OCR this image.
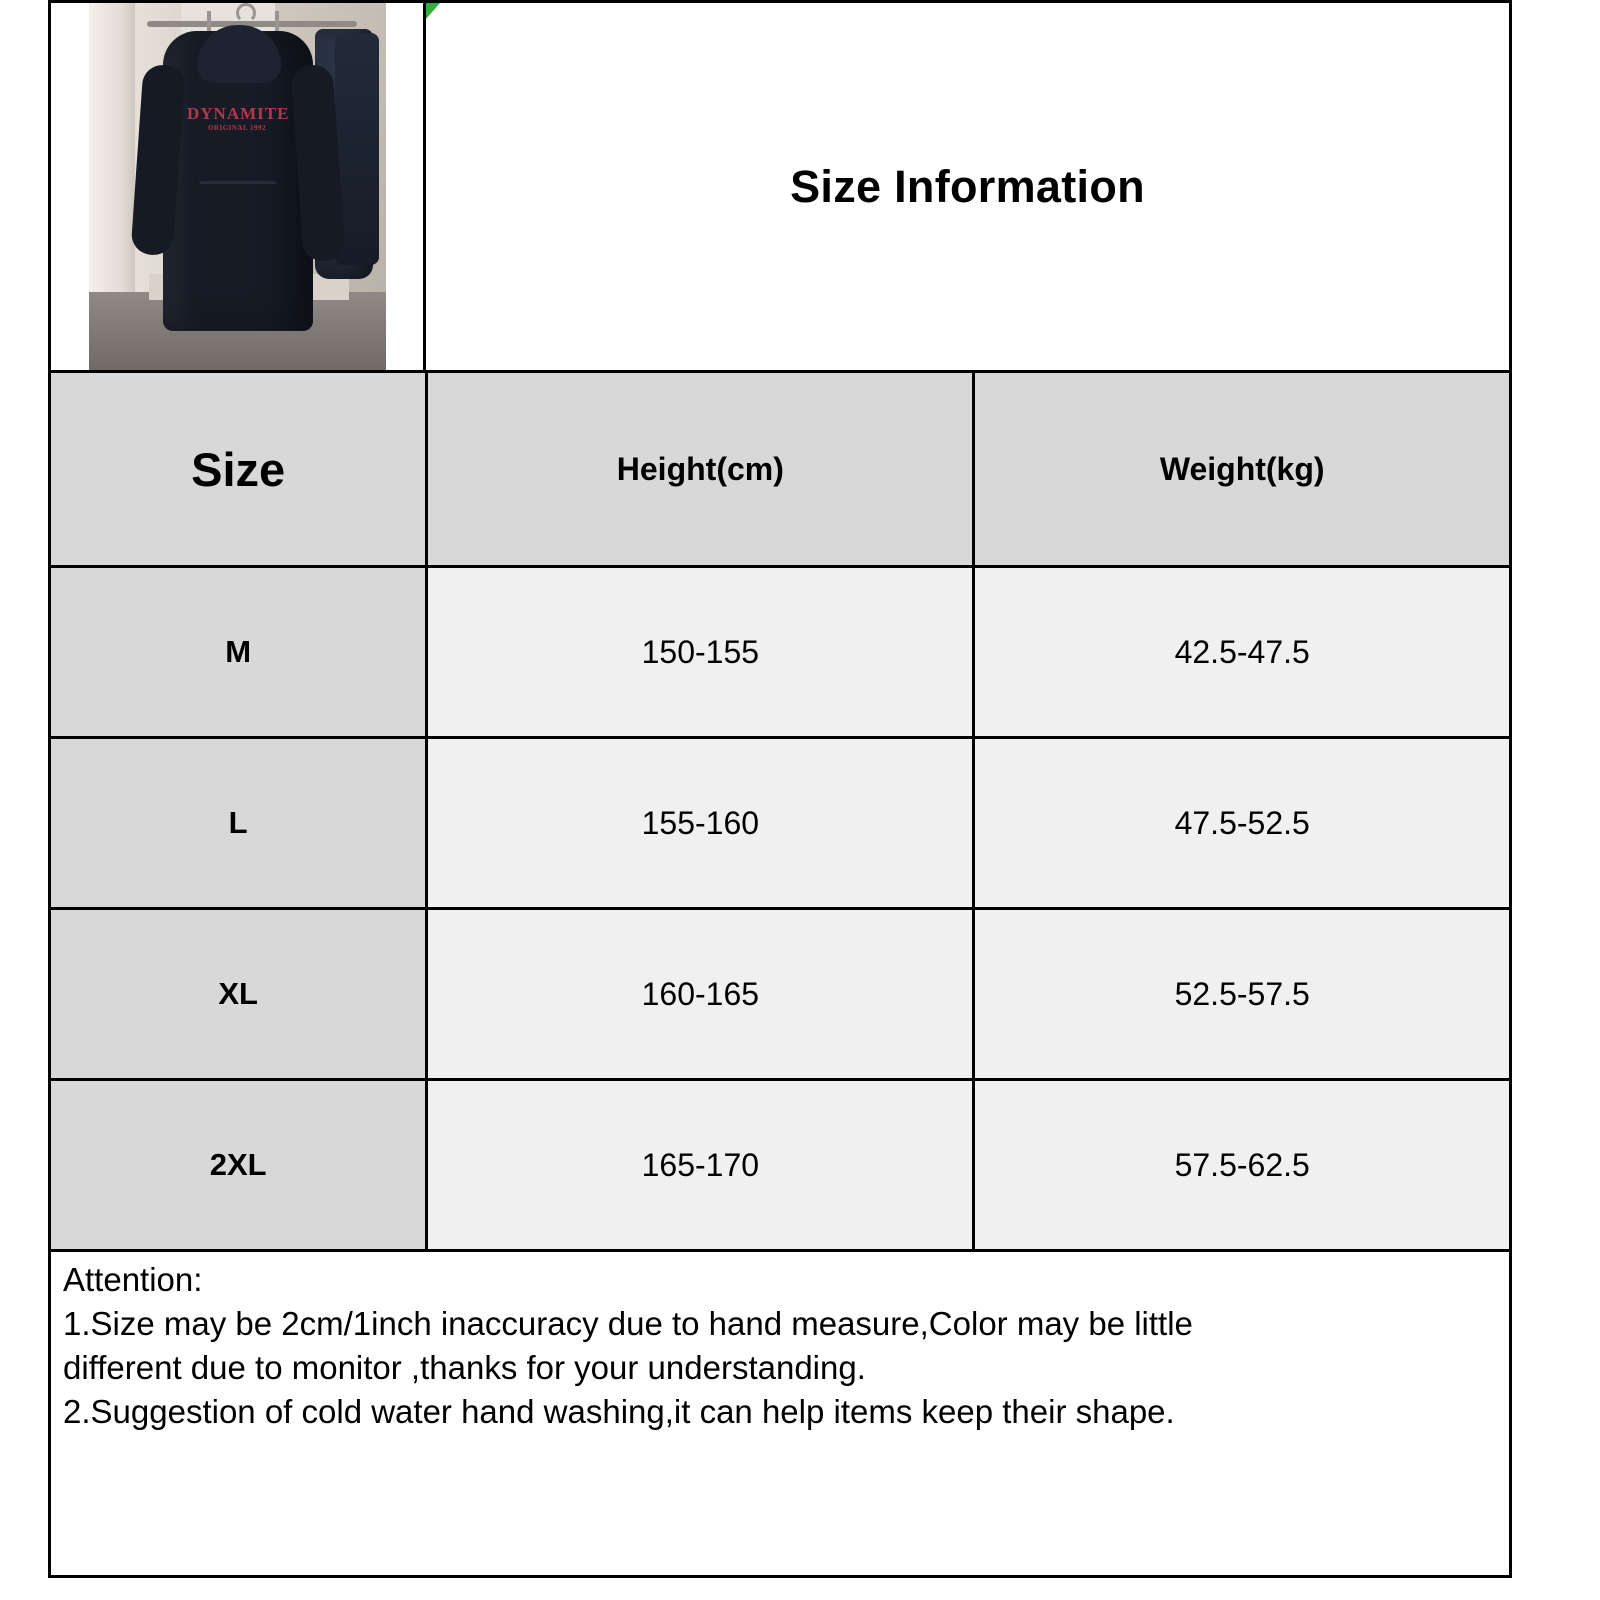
DYNAMITE
ORIGINAL 1992
Size Information
Size	Height(cm)	Weight(kg)
M	150-155	42.5-47.5
L	155-160	47.5-52.5
XL	160-165	52.5-57.5
2XL	165-170	57.5-62.5
Attention:
1.Size may be 2cm/1inch inaccuracy due to hand measure,Color may be little
different due to monitor ,thanks for your understanding.
2.Suggestion of cold water hand washing,it can help items keep their shape.
